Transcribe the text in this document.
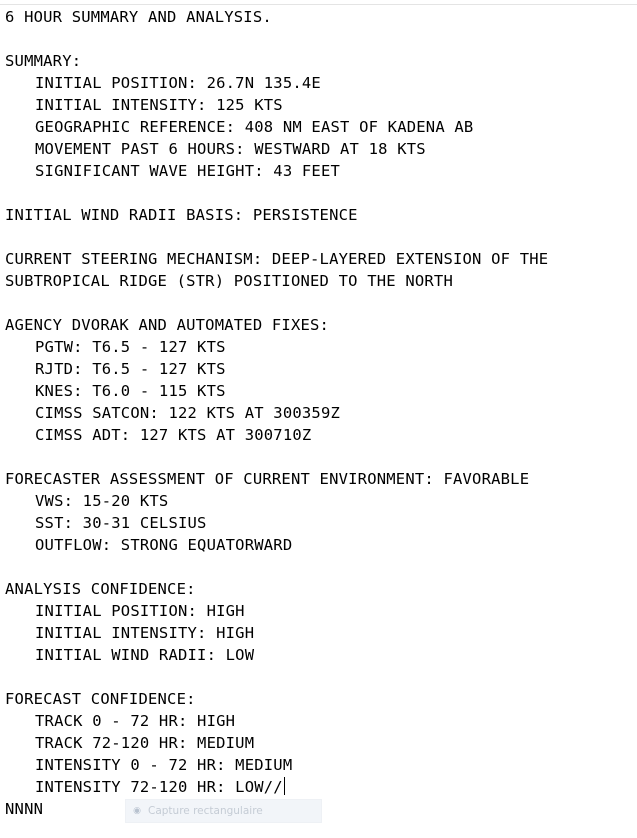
6 HOUR SUMMARY AND ANALYSIS.
SUMMARY:
INITIAL POSITION: 26.7N 135.4E
INITIAL INTENSITY: 125 KTS
GEOGRAPHIC REFERENCE: 408 NM EAST OF KADENA AB
MOVEMENT PAST 6 HOURS: WESTWARD AT 18 KTS
SIGNIFICANT WAVE HEIGHT: 43 FEET
INITIAL WIND RADII BASIS: PERSISTENCE
CURRENT STEERING MECHANISM: DEEP-LAYERED EXTENSION OF THE
SUBTROPICAL RIDGE (STR) POSITIONED TO THE NORTH
AGENCY DVORAK AND AUTOMATED FIXES:
PGTW: T6.5 - 127 KTS
RJTD: T6.5 - 127 KTS
KNES: T6.0 - 115 KTS
CIMSS SATCON: 122 KTS AT 300359Z
CIMSS ADT: 127 KTS AT 300710Z
FORECASTER ASSESSMENT OF CURRENT ENVIRONMENT: FAVORABLE
VWS: 15-20 KTS
SST: 30-31 CELSIUS
OUTFLOW: STRONG EQUATORWARD
ANALYSIS CONFIDENCE:
INITIAL POSITION: HIGH
INITIAL INTENSITY: HIGH
INITIAL WIND RADII: LOW
FORECAST CONFIDENCE:
TRACK 0 - 72 HR: HIGH
TRACK 72-120 HR: MEDIUM
INTENSITY 0 - 72 HR: MEDIUM
INTENSITY 72-120 HR: LOW//
NNNN	◉ Capture rectangulaire
